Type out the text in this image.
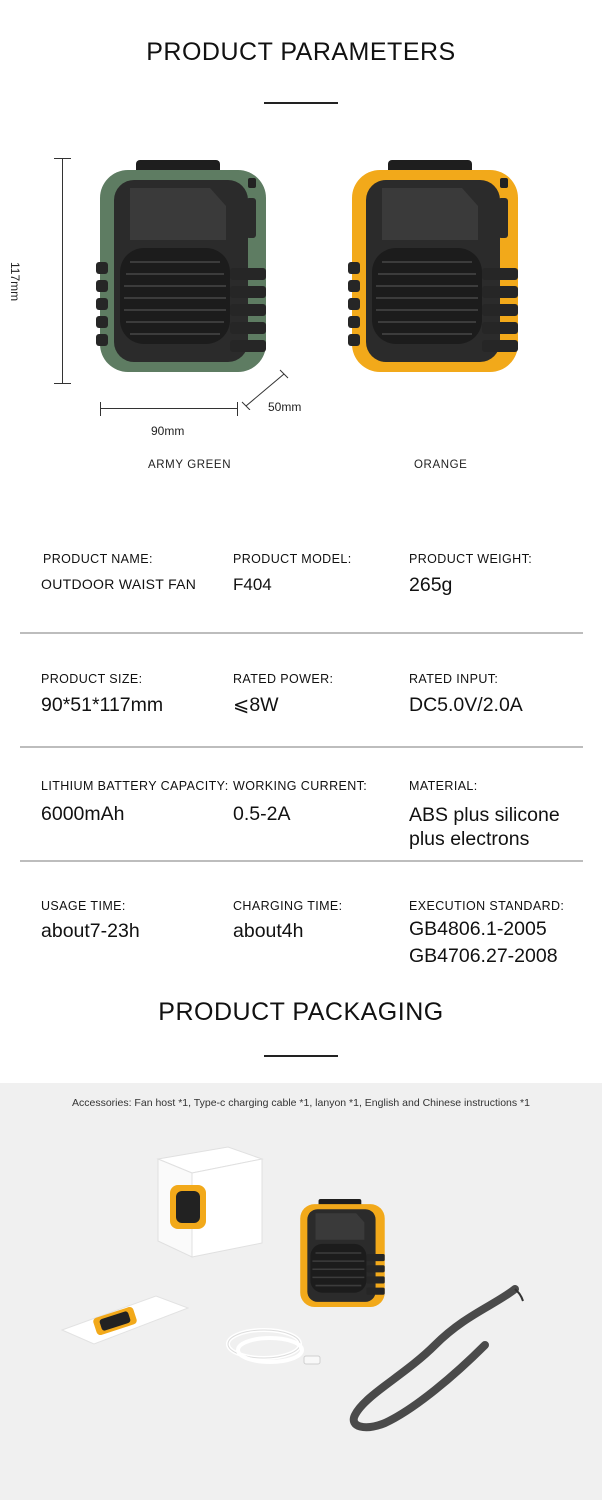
PRODUCT PARAMETERS
117mm
90mm
50mm
ARMY GREEN	ORANGE
PRODUCT NAME:
OUTDOOR WAIST FAN
PRODUCT MODEL:
F404
PRODUCT WEIGHT:
265g
PRODUCT SIZE:
90*51*117mm
RATED POWER:
⩽8W
RATED INPUT:
DC5.0V/2.0A
LITHIUM BATTERY CAPACITY:
6000mAh
WORKING CURRENT:
0.5-2A
MATERIAL:
ABS plus silicone
plus electrons
USAGE TIME:
about7-23h
CHARGING TIME:
about4h
EXECUTION STANDARD:
GB4806.1-2005
GB4706.27-2008
PRODUCT PACKAGING
Accessories: Fan host *1, Type-c charging cable *1, lanyon *1, English and Chinese instructions *1
